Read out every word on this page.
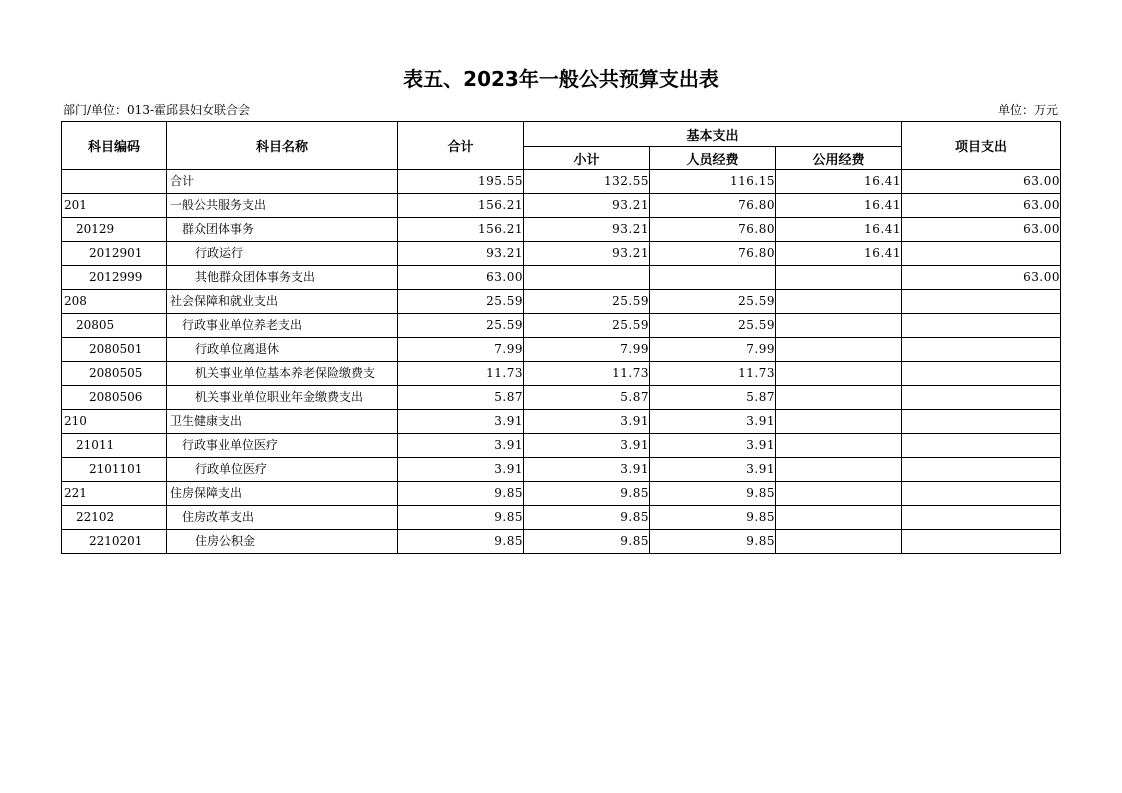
表五、2023年一般公共预算支出表
部门/单位：013-霍邱县妇女联合会	单位：万元
科目编码	科目名称	合计	基本支出			项目支出
			小计	人员经费	公用经费	
	合计	195.55	132.55	116.15	16.41	63.00
201	一般公共服务支出	156.21	93.21	76.80	16.41	63.00
20129	群众团体事务	156.21	93.21	76.80	16.41	63.00
2012901	行政运行	93.21	93.21	76.80	16.41	
2012999	其他群众团体事务支出	63.00				63.00
208	社会保障和就业支出	25.59	25.59	25.59		
20805	行政事业单位养老支出	25.59	25.59	25.59		
2080501	行政单位离退休	7.99	7.99	7.99		
2080505	机关事业单位基本养老保险缴费支	11.73	11.73	11.73		
2080506	机关事业单位职业年金缴费支出	5.87	5.87	5.87		
210	卫生健康支出	3.91	3.91	3.91		
21011	行政事业单位医疗	3.91	3.91	3.91		
2101101	行政单位医疗	3.91	3.91	3.91		
221	住房保障支出	9.85	9.85	9.85		
22102	住房改革支出	9.85	9.85	9.85		
2210201	住房公积金	9.85	9.85	9.85		
